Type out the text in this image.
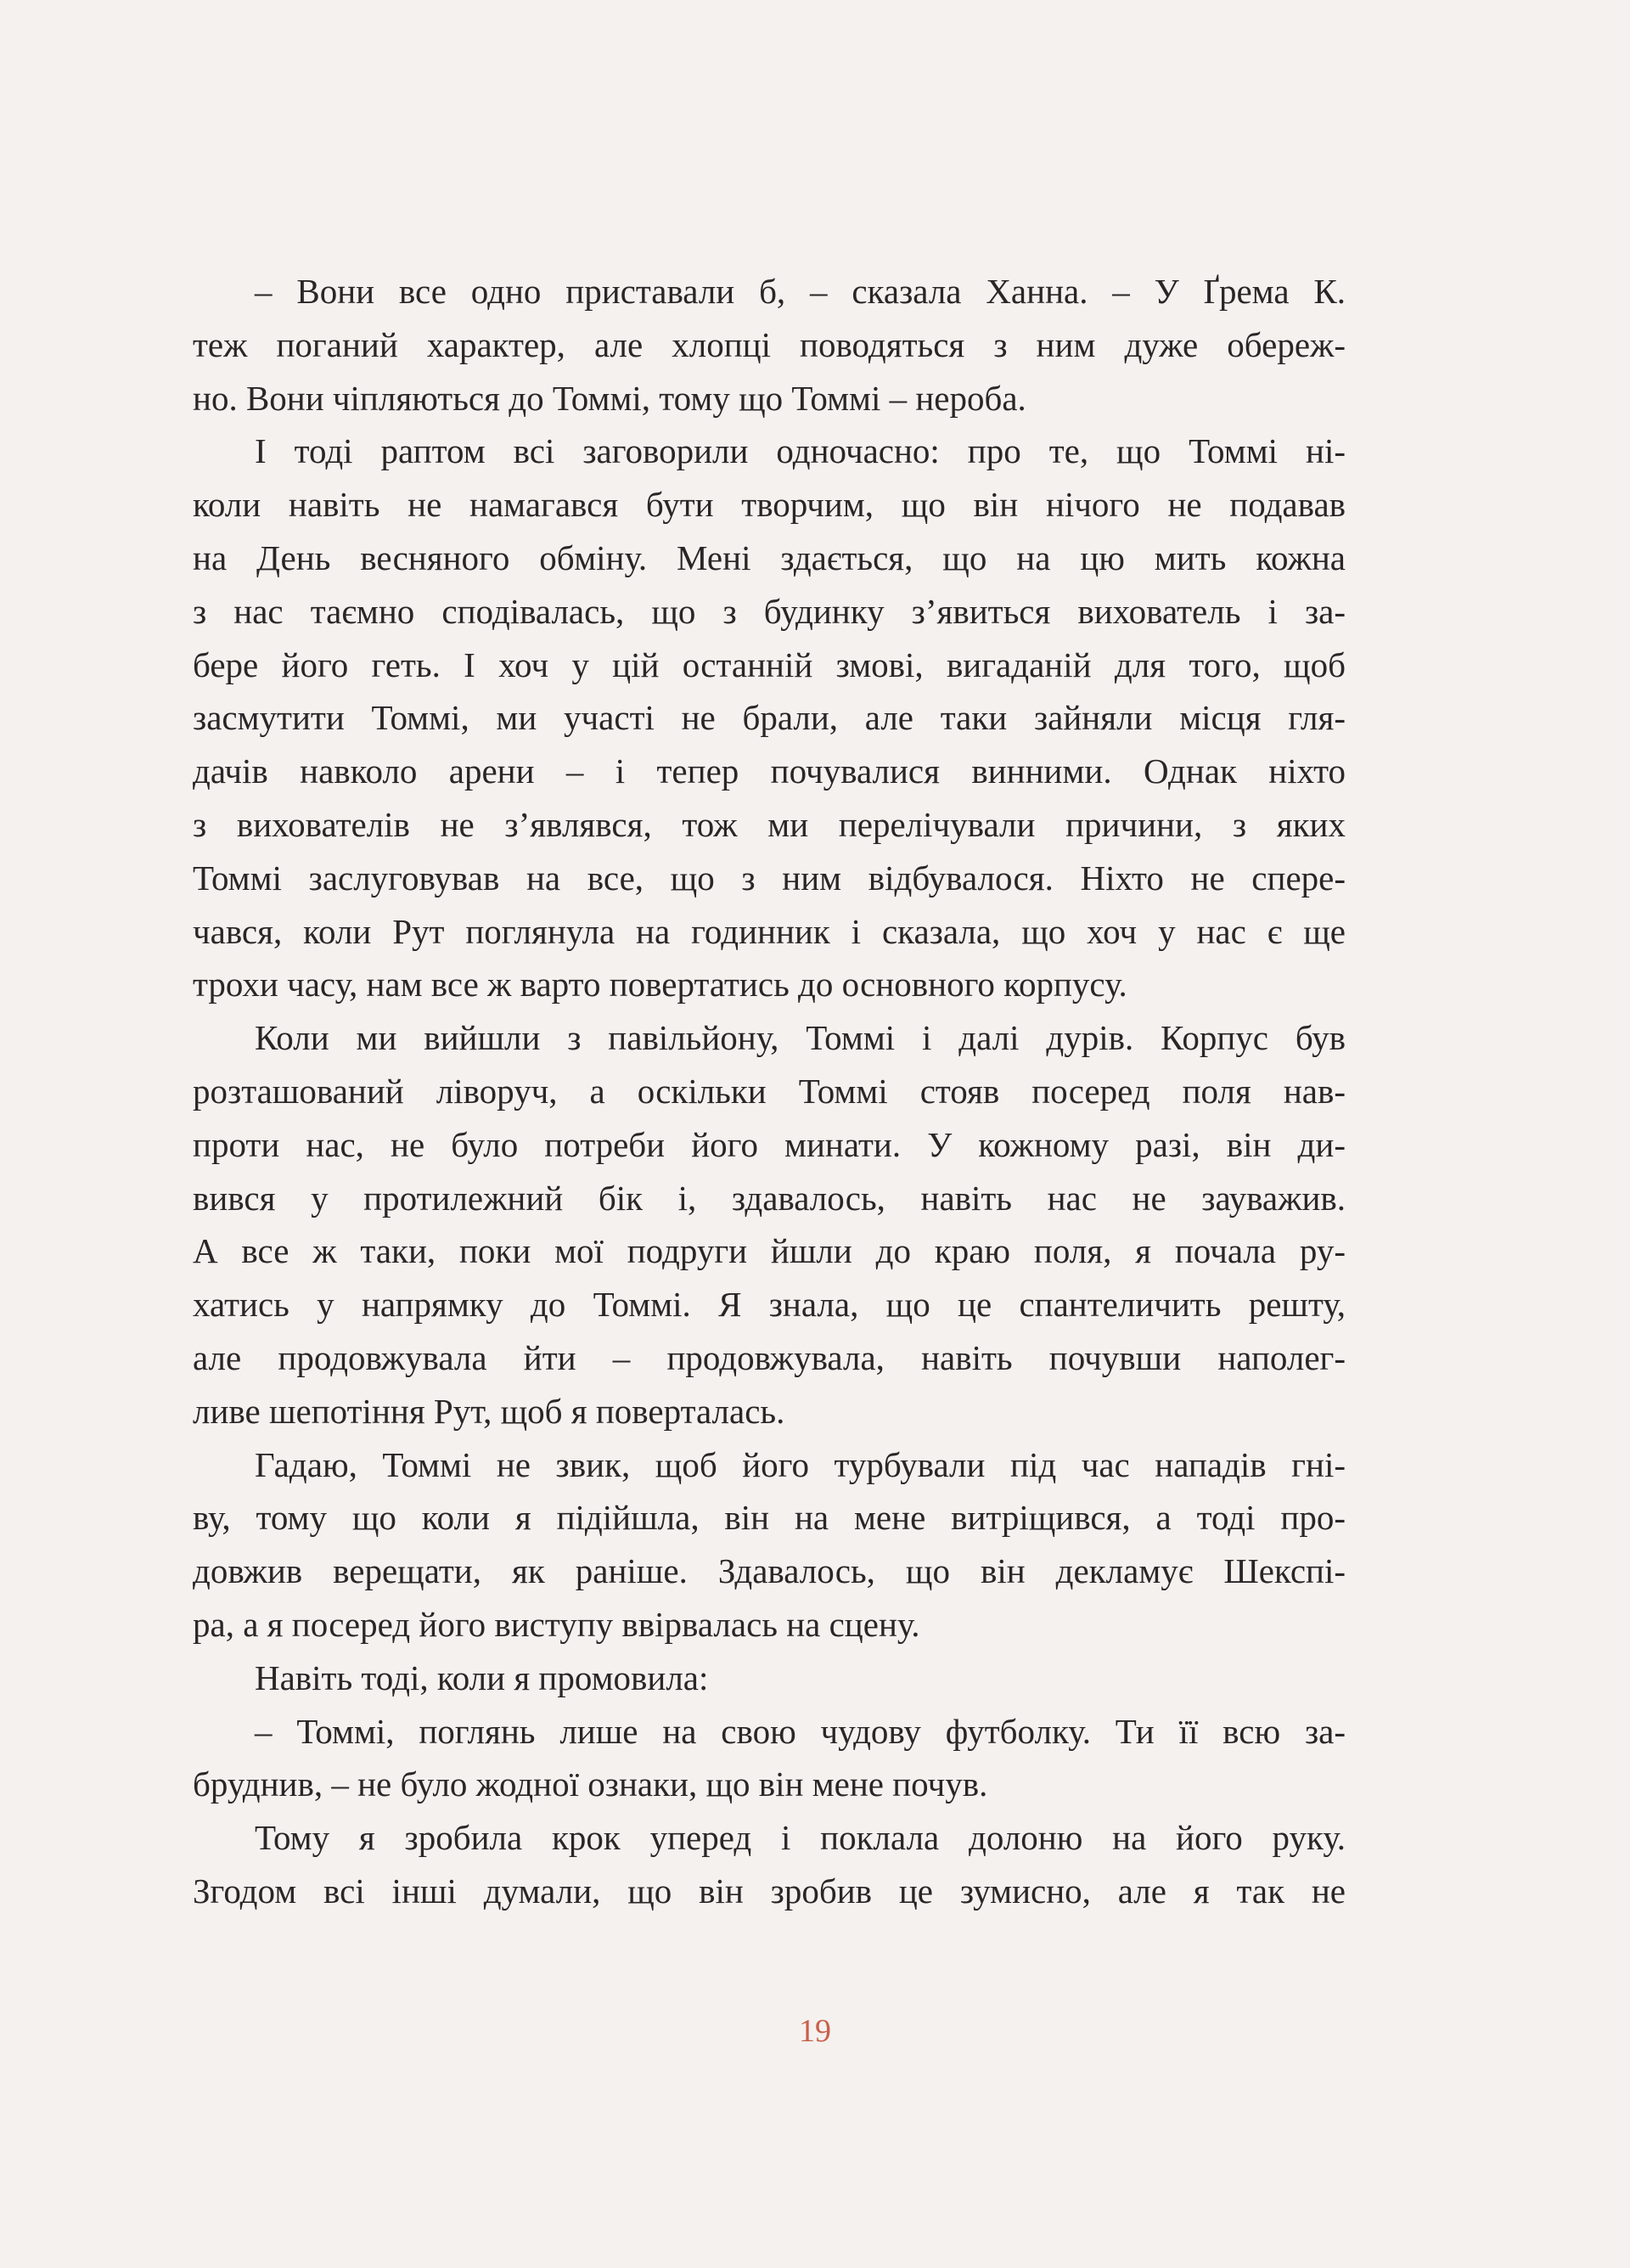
– Вони все одно приставали б, – сказала Ханна. – У Ґрема К.
теж поганий характер, але хлопці поводяться з ним дуже обереж-
но. Вони чіпляються до Томмі, тому що Томмі – нероба.
І тоді раптом всі заговорили одночасно: про те, що Томмі ні-
коли навіть не намагався бути творчим, що він нічого не подавав
на День весняного обміну. Мені здається, що на цю мить кожна
з нас таємно сподівалась, що з будинку з’явиться вихователь і за-
бере його геть. І хоч у цій останній змові, вигаданій для того, щоб
засмутити Томмі, ми участі не брали, але таки зайняли місця гля-
дачів навколо арени – і тепер почувалися винними. Однак ніхто
з вихователів не з’являвся, тож ми перелічували причини, з яких
Томмі заслуговував на все, що з ним відбувалося. Ніхто не спере-
чався, коли Рут поглянула на годинник і сказала, що хоч у нас є ще
трохи часу, нам все ж варто повертатись до основного корпусу.
Коли ми вийшли з павільйону, Томмі і далі дурів. Корпус був
розташований ліворуч, а оскільки Томмі стояв посеред поля нав-
проти нас, не було потреби його минати. У кожному разі, він ди-
вився у протилежний бік і, здавалось, навіть нас не зауважив.
А все ж таки, поки мої подруги йшли до краю поля, я почала ру-
хатись у напрямку до Томмі. Я знала, що це спантеличить решту,
але продовжувала йти – продовжувала, навіть почувши наполег-
ливе шепотіння Рут, щоб я поверталась.
Гадаю, Томмі не звик, щоб його турбували під час нападів гні-
ву, тому що коли я підійшла, він на мене витріщився, а тоді про-
довжив верещати, як раніше. Здавалось, що він декламує Шекспі-
ра, а я посеред його виступу ввірвалась на сцену.
Навіть тоді, коли я промовила:
– Томмі, поглянь лише на свою чудову футболку. Ти її всю за-
бруднив, – не було жодної ознаки, що він мене почув.
Тому я зробила крок уперед і поклала долоню на його руку.
Згодом всі інші думали, що він зробив це зумисно, але я так не
19
